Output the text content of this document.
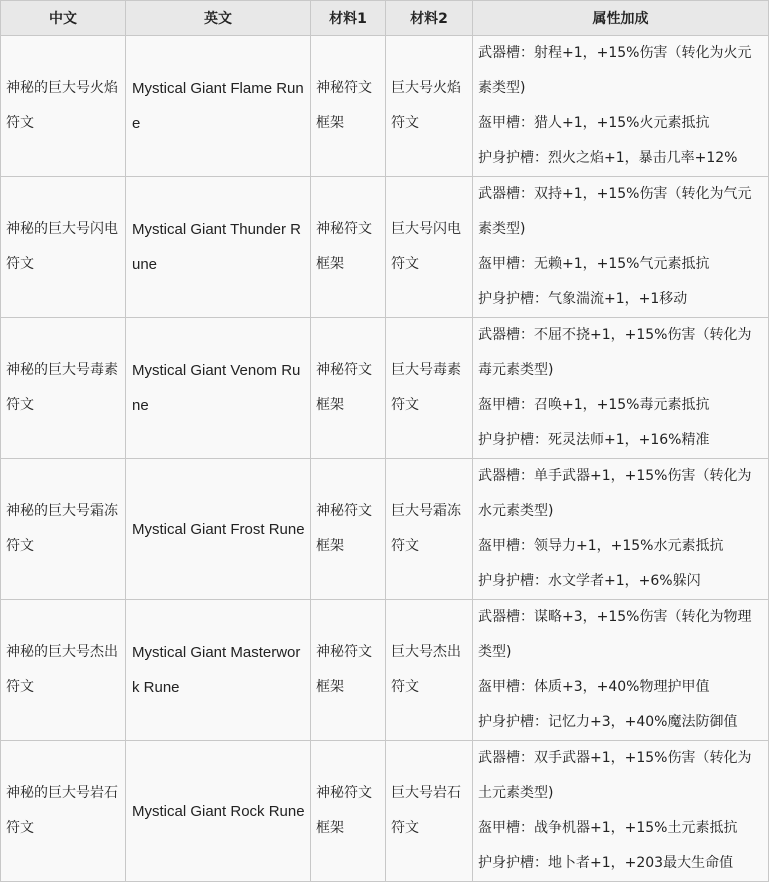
中文	英文	材料1	材料2	属性加成
神秘的巨大号火焰符文	Mystical Giant Flame Rune	神秘符文框架	巨大号火焰符文	武器槽：射程+1，+15%伤害（转化为火元素类型)
盔甲槽：猎人+1，+15%火元素抵抗
护身护槽：烈火之焰+1，暴击几率+12%

神秘的巨大号闪电符文	Mystical Giant Thunder Rune	神秘符文框架	巨大号闪电符文	武器槽：双持+1，+15%伤害（转化为气元素类型)
盔甲槽：无赖+1，+15%气元素抵抗
护身护槽：气象湍流+1，+1移动

神秘的巨大号毒素符文	Mystical Giant Venom Rune	神秘符文框架	巨大号毒素符文	武器槽：不屈不挠+1，+15%伤害（转化为毒元素类型)
盔甲槽：召唤+1，+15%毒元素抵抗
护身护槽：死灵法师+1，+16%精准

神秘的巨大号霜冻符文	Mystical Giant Frost Rune	神秘符文框架	巨大号霜冻符文	武器槽：单手武器+1，+15%伤害（转化为水元素类型)
盔甲槽：领导力+1，+15%水元素抵抗
护身护槽：水文学者+1，+6%躲闪

神秘的巨大号杰出符文	Mystical Giant Masterwork Rune	神秘符文框架	巨大号杰出符文	武器槽：谋略+3，+15%伤害（转化为物理类型)
盔甲槽：体质+3，+40%物理护甲值
护身护槽：记忆力+3，+40%魔法防御值

神秘的巨大号岩石符文	Mystical Giant Rock Rune	神秘符文框架	巨大号岩石符文	武器槽：双手武器+1，+15%伤害（转化为土元素类型)
盔甲槽：战争机器+1，+15%土元素抵抗
护身护槽：地卜者+1，+203最大生命值
